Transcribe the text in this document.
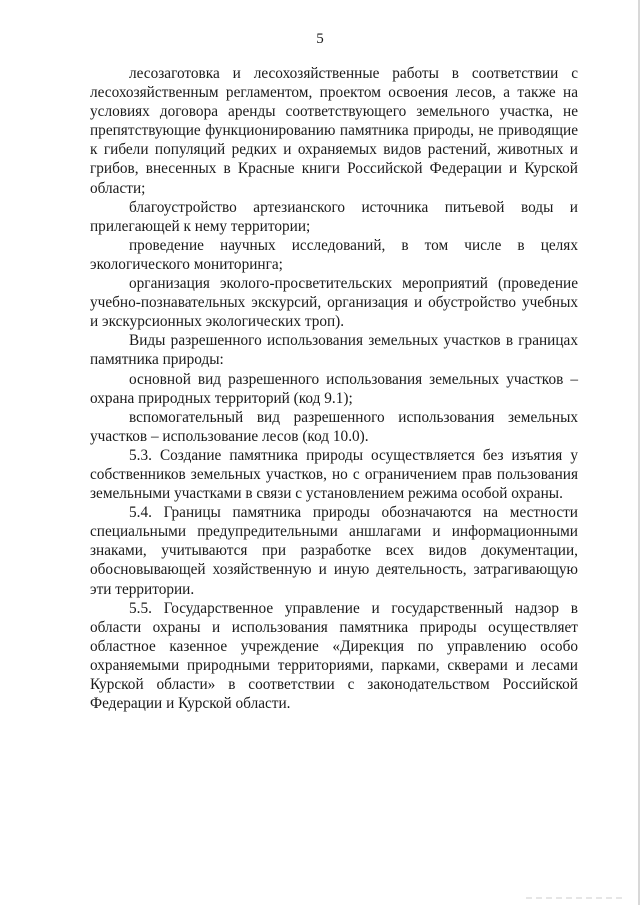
5

лесозаготовка и лесохозяйственные работы в соответствии с лесохозяйственным регламентом, проектом освоения лесов, а также на условиях договора аренды соответствующего земельного участка, не препятствующие функционированию памятника природы, не приводящие к гибели популяций редких и охраняемых видов растений, животных и грибов, внесенных в Красные книги Российской Федерации и Курской области;

благоустройство артезианского источника питьевой воды и прилегающей к нему территории;

проведение научных исследований, в том числе в целях экологического мониторинга;

организация эколого-просветительских мероприятий (проведение учебно-познавательных экскурсий, организация и обустройство учебных и экскурсионных экологических троп).

Виды разрешенного использования земельных участков в границах памятника природы:

основной вид разрешенного использования земельных участков – охрана природных территорий (код 9.1);

вспомогательный вид разрешенного использования земельных участков – использование лесов (код 10.0).

5.3. Создание памятника природы осуществляется без изъятия у собственников земельных участков, но с ограничением прав пользования земельными участками в связи с установлением режима особой охраны.

5.4. Границы памятника природы обозначаются на местности специальными предупредительными аншлагами и информационными знаками, учитываются при разработке всех видов документации, обосновывающей хозяйственную и иную деятельность, затрагивающую эти территории.

5.5. Государственное управление и государственный надзор в области охраны и использования памятника природы осуществляет областное казенное учреждение «Дирекция по управлению особо охраняемыми природными территориями, парками, скверами и лесами Курской области» в соответствии с законодательством Российской Федерации и Курской области.
